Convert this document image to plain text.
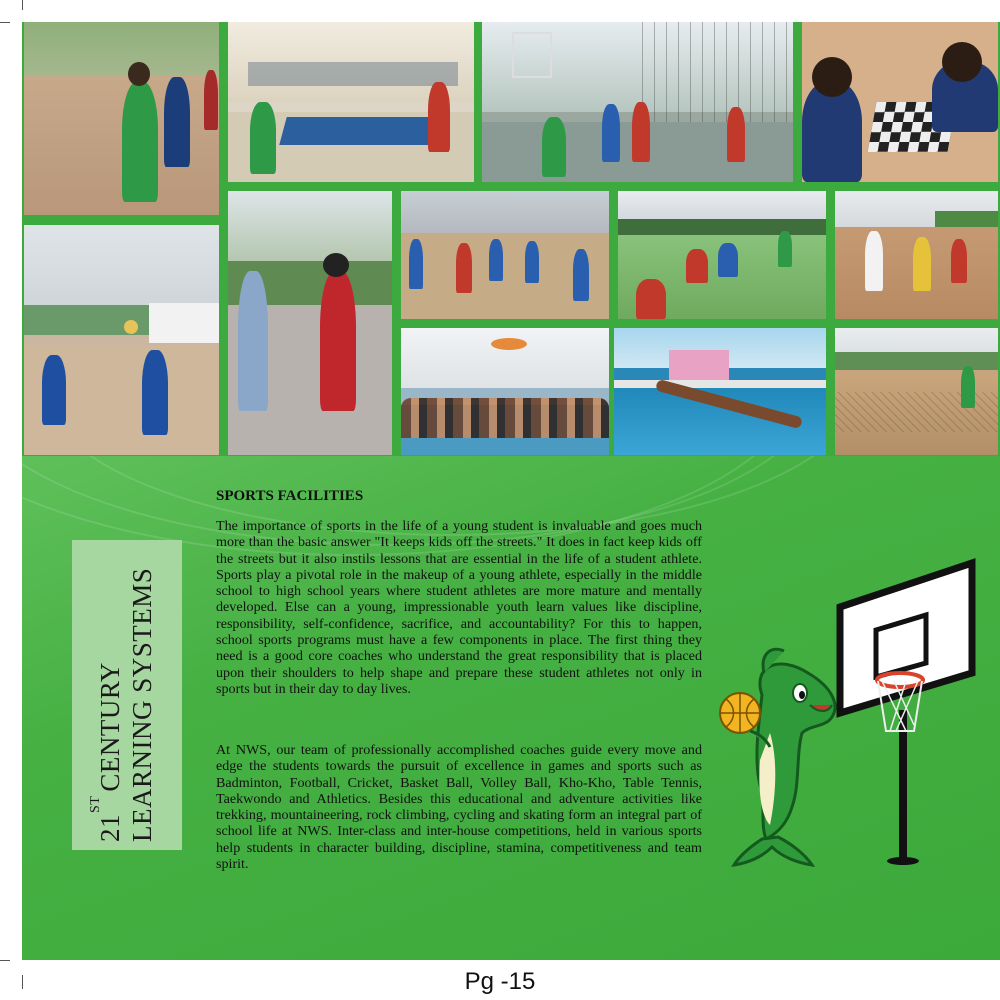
21STCENTURY LEARNING SYSTEMS
SPORTS FACILITIES

The importance of sports in the life of a young student is invaluable and goes much more than the basic answer "It keeps kids off the streets." It does in fact keep kids off the streets but it also instils lessons that are essential in the life of a student athlete. Sports play a pivotal role in the makeup of a young athlete, especially in the middle school to high school years where student athletes are more mature and mentally developed. Else can a young, impressionable youth learn values like discipline, responsibility, self-confidence, sacrifice, and accountability? For this to happen, school sports programs must have a few components in place. The first thing they need is a good core coaches who understand the great responsibility that is placed upon their shoulders to help shape and prepare these student athletes not only in sports but in their day to day lives.

At NWS, our team of professionally accomplished coaches guide every move and edge the students towards the pursuit of excellence in games and sports such as Badminton, Football, Cricket, Basket Ball, Volley Ball, Kho-Kho, Table Tennis, Taekwondo and Athletics. Besides this educational and adventure activities like trekking, mountaineering, rock climbing, cycling and skating form an integral part of school life at NWS. Inter-class and inter-house competitions, held in various sports help students in character building, discipline, stamina, competitiveness and team spirit.

Pg -15
